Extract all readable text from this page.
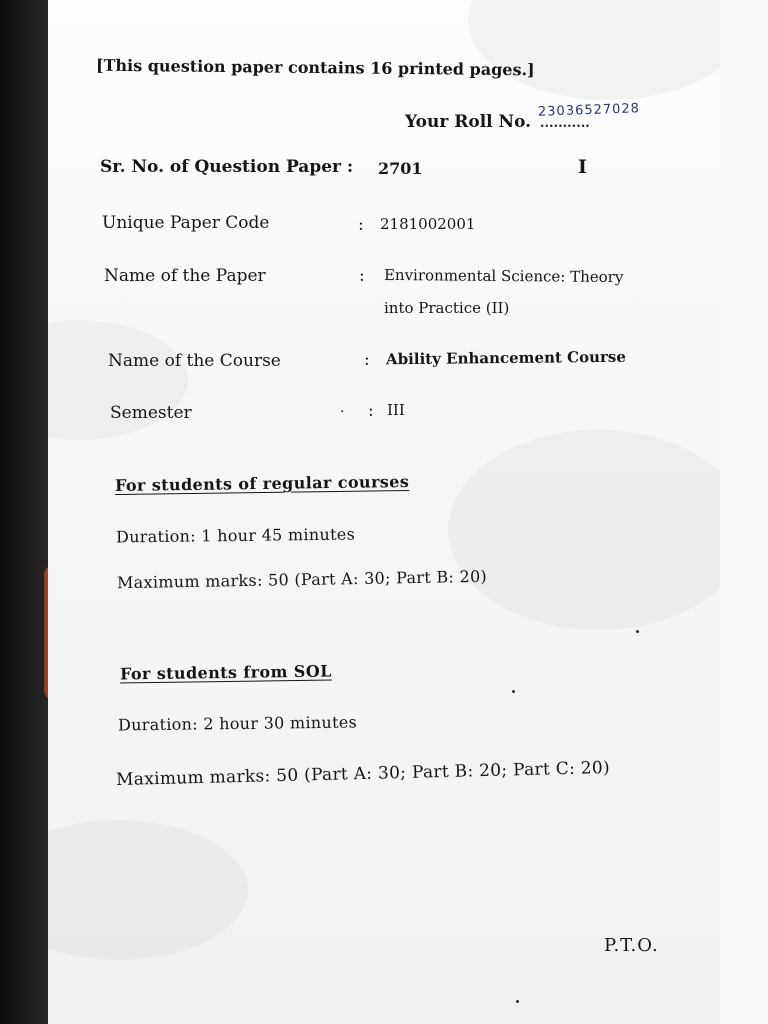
[This question paper contains 16 printed pages.]
Your Roll No. ...........
23036527028
Sr. No. of Question Paper : 2701	I
Unique Paper Code	: 2181002001
Name of the Paper	: Environmental Science: Theory
into Practice (II)
Name of the Course	: Ability Enhancement Course
Semester	. : III
For students of regular courses
Duration: 1 hour 45 minutes
Maximum marks: 50 (Part A: 30; Part B: 20)
For students from SOL
Duration: 2 hour 30 minutes
Maximum marks: 50 (Part A: 30; Part B: 20; Part C: 20)
P.T.O.
